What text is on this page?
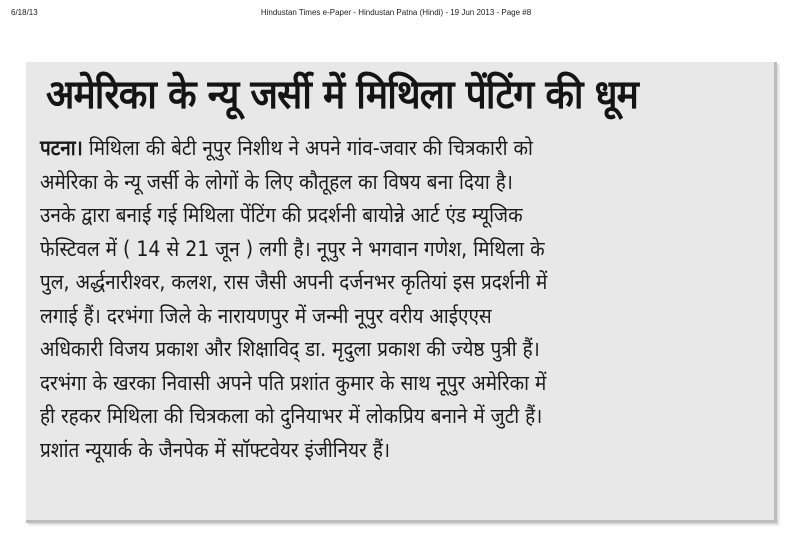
6/18/13	Hindustan Times e-Paper - Hindustan Patna (Hindi) - 19 Jun 2013 - Page #8
अमेरिका के न्यू जर्सी में मिथिला पेंटिंग की धूम
पटना। मिथिला की बेटी नूपुर निशीथ ने अपने गांव-जवार की चित्रकारी को
अमेरिका के न्यू जर्सी के लोगों के लिए कौतूहल का विषय बना दिया है।
उनके द्वारा बनाई गई मिथिला पेंटिंग की प्रदर्शनी बायोन्ने आर्ट एंड म्यूजिक
फेस्टिवल में ( 14 से 21 जून ) लगी है। नूपुर ने भगवान गणेश, मिथिला के
पुल, अर्द्धनारीश्वर, कलश, रास जैसी अपनी दर्जनभर कृतियां इस प्रदर्शनी में
लगाई हैं। दरभंगा जिले के नारायणपुर में जन्मी नूपुर वरीय आईएएस
अधिकारी विजय प्रकाश और शिक्षाविद् डा. मृदुला प्रकाश की ज्येष्ठ पुत्री हैं।
दरभंगा के खरका निवासी अपने पति प्रशांत कुमार के साथ नूपुर अमेरिका में
ही रहकर मिथिला की चित्रकला को दुनियाभर में लोकप्रिय बनाने में जुटी हैं।
प्रशांत न्यूयार्क के जैनपेक में सॉफ्टवेयर इंजीनियर हैं।
